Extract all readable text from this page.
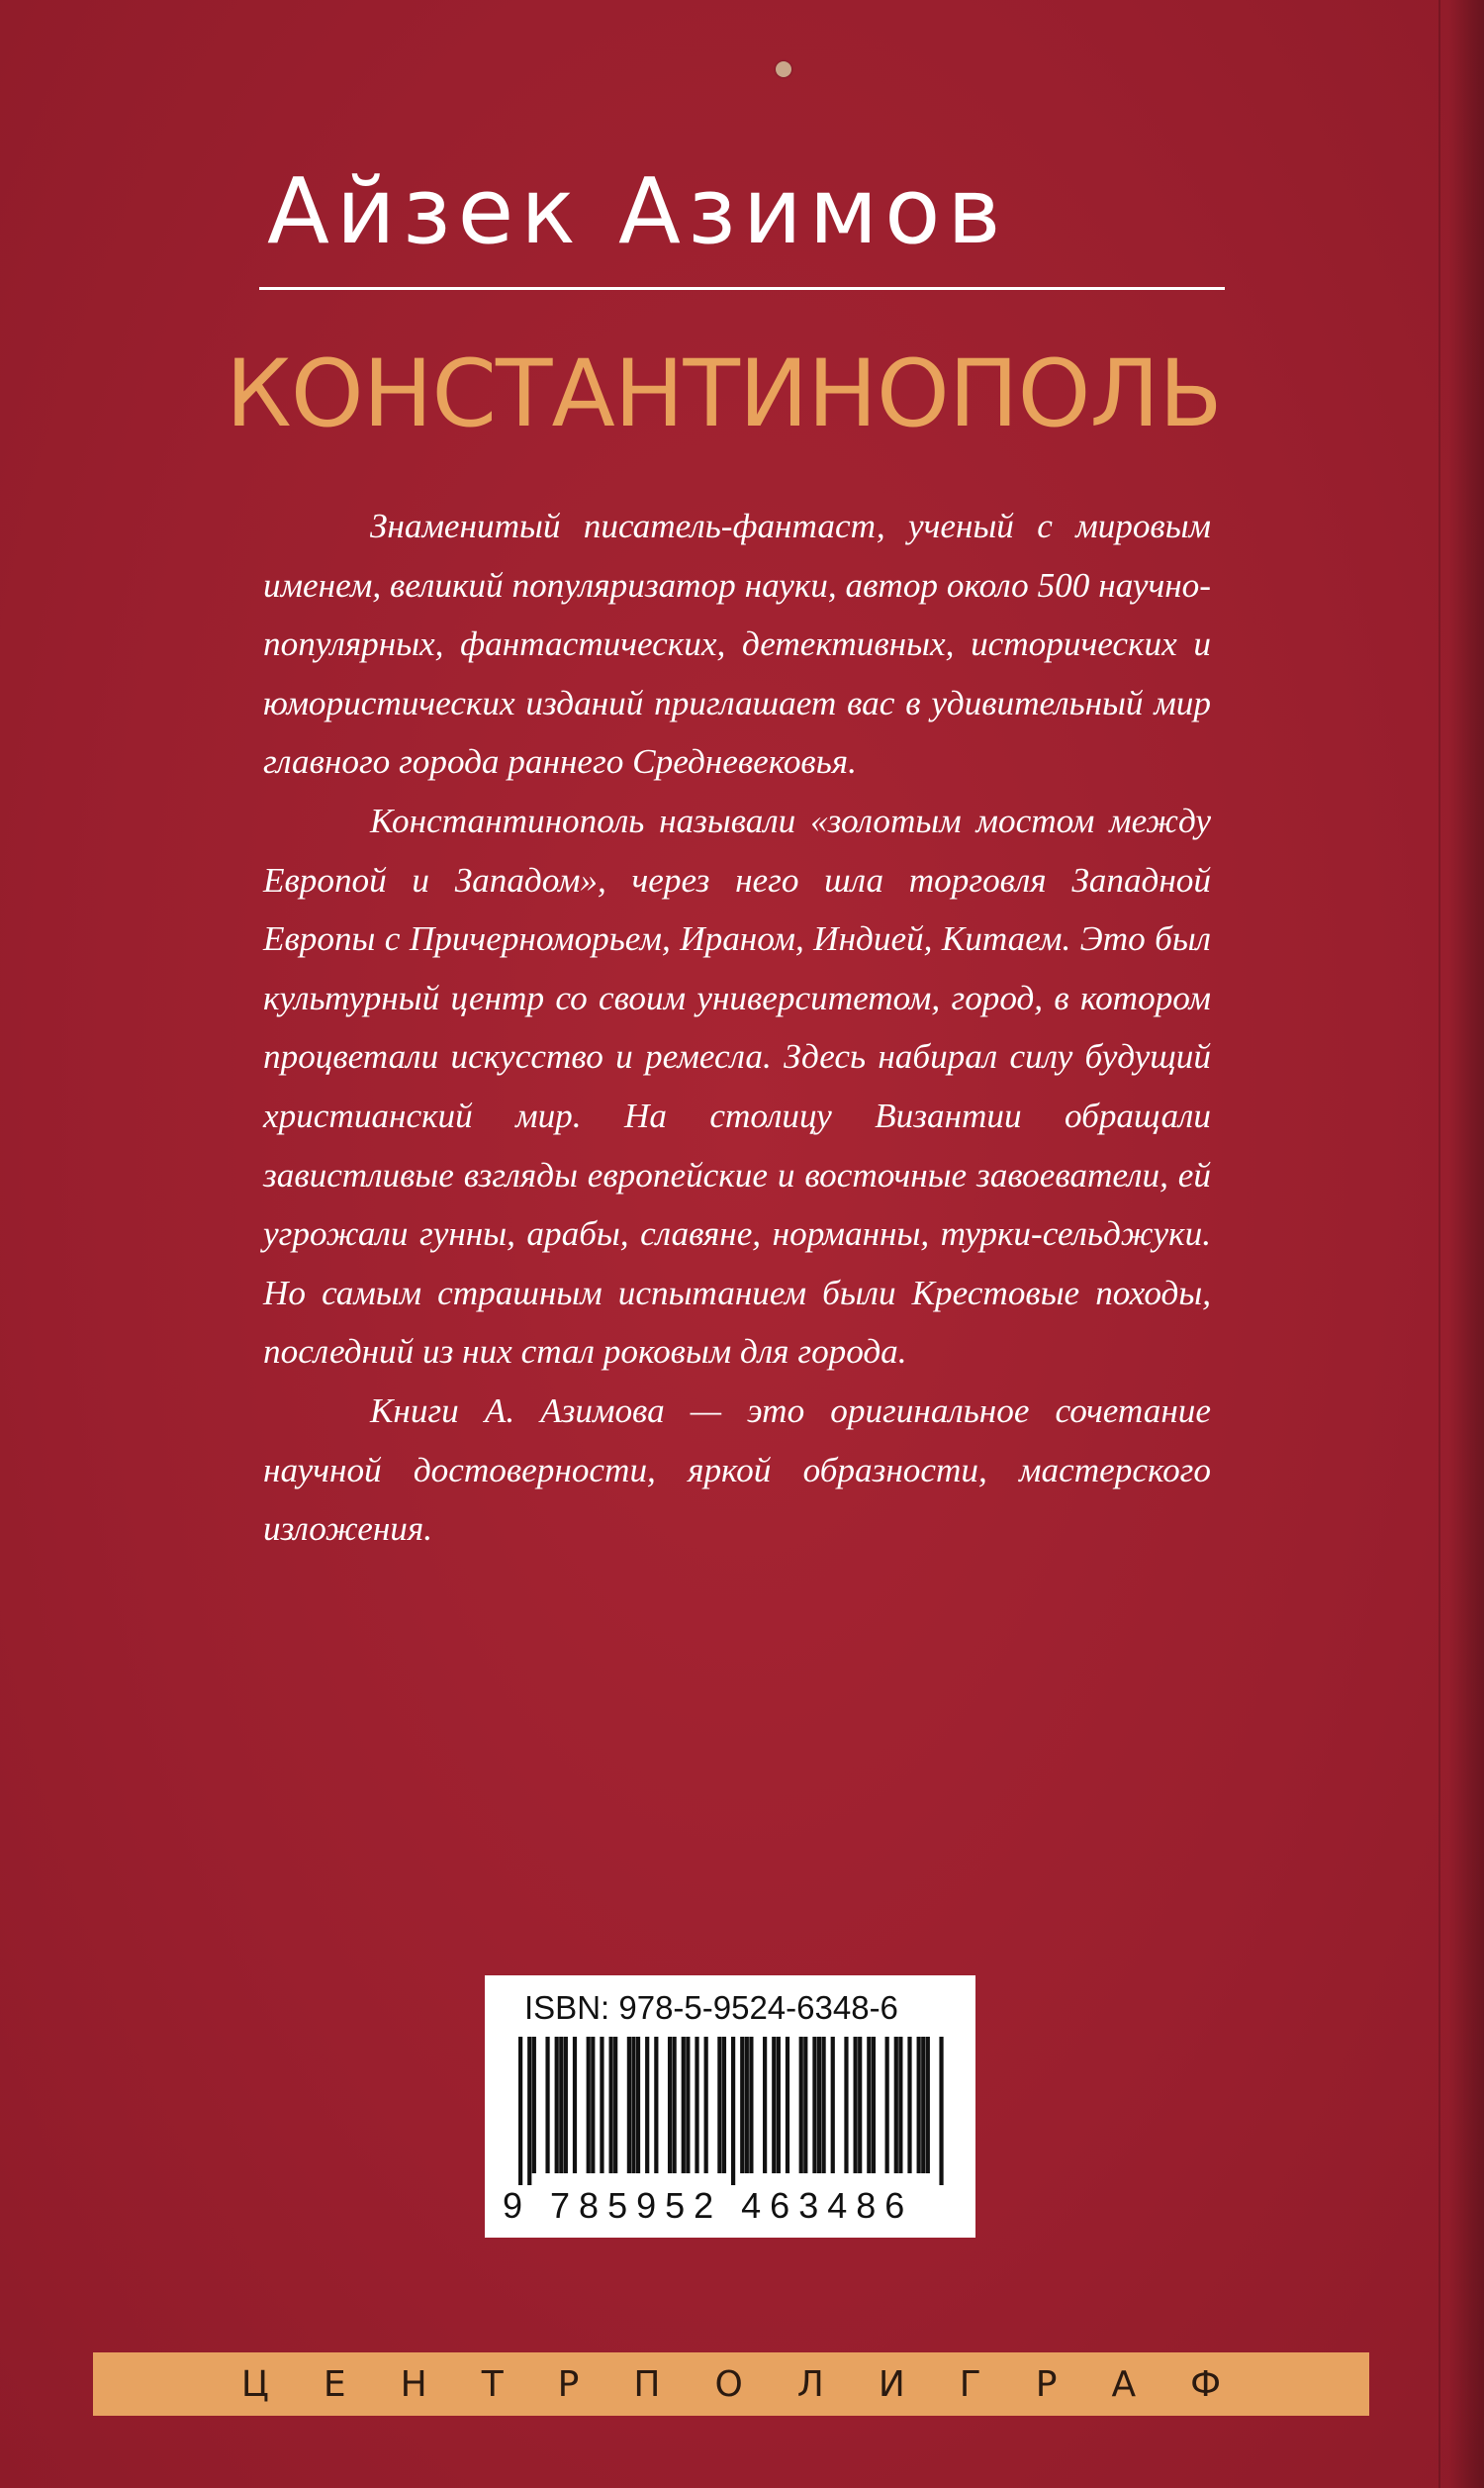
Айзек Азимов
КОНСТАНТИНОПОЛЬ

Знаменитый писатель-фантаст, ученый с мировым именем, великий популяризатор науки, автор около 500 научно-популярных, фантастических, детективных, исторических и юмористических изданий приглашает вас в удивительный мир главного города раннего Средневековья.

Константинополь называли «золотым мостом между Европой и Западом», через него шла торговля Западной Европы с Причерноморьем, Ираном, Индией, Китаем. Это был культурный центр со своим университетом, город, в котором процветали искусство и ремесла. Здесь набирал силу будущий христианский мир. На столицу Византии обращали завистливые взгляды европейские и восточные завоеватели, ей угрожали гунны, арабы, славяне, норманны, турки-сельджуки. Но самым страшным испытанием были Крестовые походы, последний из них стал роковым для города.

Книги А. Азимова — это оригинальное сочетание научной достоверности, яркой образности, мастерского изложения.

ISBN: 978-5-9524-6348-6
9 785952 463486
ЦЕНТРПОЛИГРАФ
